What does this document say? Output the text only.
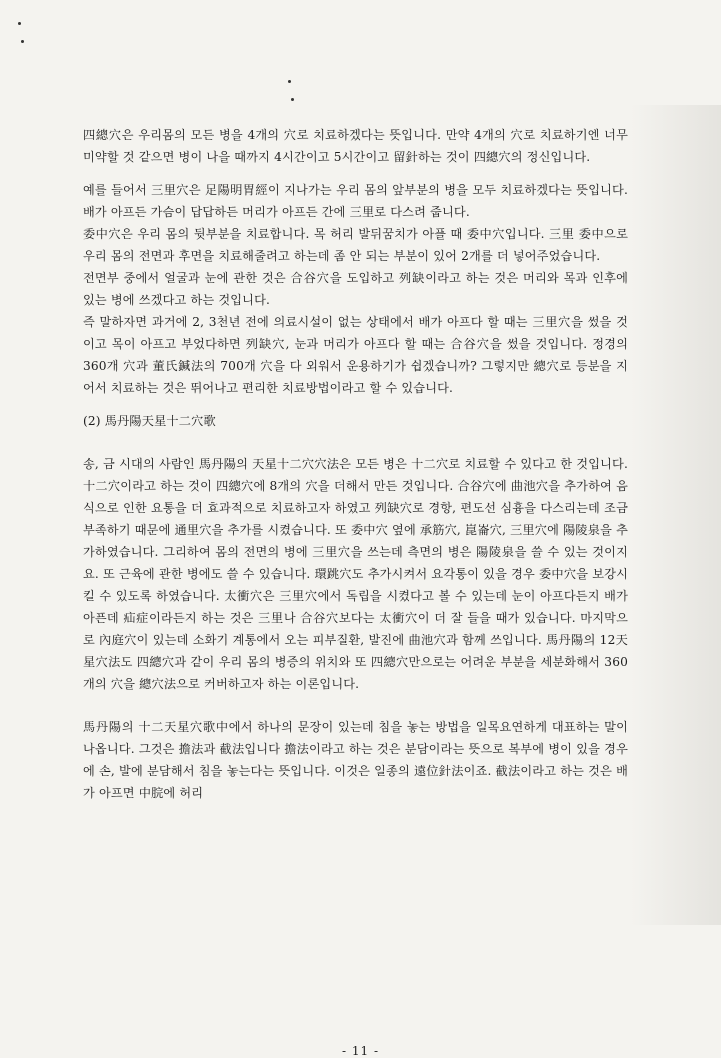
四總穴은 우리몸의 모든 병을 4개의 穴로 치료하겠다는 뜻입니다. 만약 4개의 穴로 치료하기엔 너무 미약할 것 같으면 병이 나을 때까지 4시간이고 5시간이고 留針하는 것이 四總穴의 정신입니다.

예를 들어서 三里穴은 足陽明胃經이 지나가는 우리 몸의 앞부분의 병을 모두 치료하겠다는 뜻입니다. 배가 아프든 가슴이 답답하든 머리가 아프든 간에 三里로 다스려 줍니다.

委中穴은 우리 몸의 뒷부분을 치료합니다. 목 허리 발뒤꿈치가 아플 때 委中穴입니다. 三里 委中으로 우리 몸의 전면과 후면을 치료해줄려고 하는데 좀 안 되는 부분이 있어 2개를 더 넣어주었습니다.

전면부 중에서 얼굴과 눈에 관한 것은 合谷穴을 도입하고 列缺이라고 하는 것은 머리와 목과 인후에 있는 병에 쓰겠다고 하는 것입니다.

즉 말하자면 과거에 2, 3천년 전에 의료시설이 없는 상태에서 배가 아프다 할 때는 三里穴을 썼을 것이고 목이 아프고 부었다하면 列缺穴, 눈과 머리가 아프다 할 때는 合谷穴을 썼을 것입니다. 정경의 360개 穴과 董氏鍼法의 700개 穴을 다 외워서 운용하기가 쉽겠습니까? 그렇지만 總穴로 등분을 지어서 치료하는 것은 뛰어나고 편리한 치료방법이라고 할 수 있습니다.

(2) 馬丹陽天星十二穴歌

송, 금 시대의 사람인 馬丹陽의 天星十二穴穴法은 모든 병은 十二穴로 치료할 수 있다고 한 것입니다. 十二穴이라고 하는 것이 四總穴에 8개의 穴을 더해서 만든 것입니다. 合谷穴에 曲池穴을 추가하여 음식으로 인한 요통을 더 효과적으로 치료하고자 하였고 列缺穴로 경항, 편도선 심흉을 다스리는데 조금 부족하기 때문에 通里穴을 추가를 시켰습니다. 또 委中穴 옆에 承筋穴, 崑崙穴, 三里穴에 陽陵泉을 추가하였습니다. 그리하여 몸의 전면의 병에 三里穴을 쓰는데 측면의 병은 陽陵泉을 쓸 수 있는 것이지요. 또 근육에 관한 병에도 쓸 수 있습니다. 環跳穴도 추가시켜서 요각통이 있을 경우 委中穴을 보강시킬 수 있도록 하였습니다. 太衝穴은 三里穴에서 독립을 시켰다고 볼 수 있는데 눈이 아프다든지 배가 아픈데 疝症이라든지 하는 것은 三里나 合谷穴보다는 太衝穴이 더 잘 들을 때가 있습니다. 마지막으로 內庭穴이 있는데 소화기 계통에서 오는 피부질환, 발진에 曲池穴과 함께 쓰입니다. 馬丹陽의 12天星穴法도 四總穴과 같이 우리 몸의 병증의 위치와 또 四總穴만으로는 어려운 부분을 세분화해서 360개의 穴을 總穴法으로 커버하고자 하는 이론입니다.

馬丹陽의 十二天星穴歌中에서 하나의 문장이 있는데 침을 놓는 방법을 일목요연하게 대표하는 말이 나옵니다. 그것은 擔法과 截法입니다 擔法이라고 하는 것은 분담이라는 뜻으로 복부에 병이 있을 경우에 손, 발에 분담해서 침을 놓는다는 뜻입니다. 이것은 일종의 遠位針法이죠. 截法이라고 하는 것은 배가 아프면 中脘에 허리

- 11 -
